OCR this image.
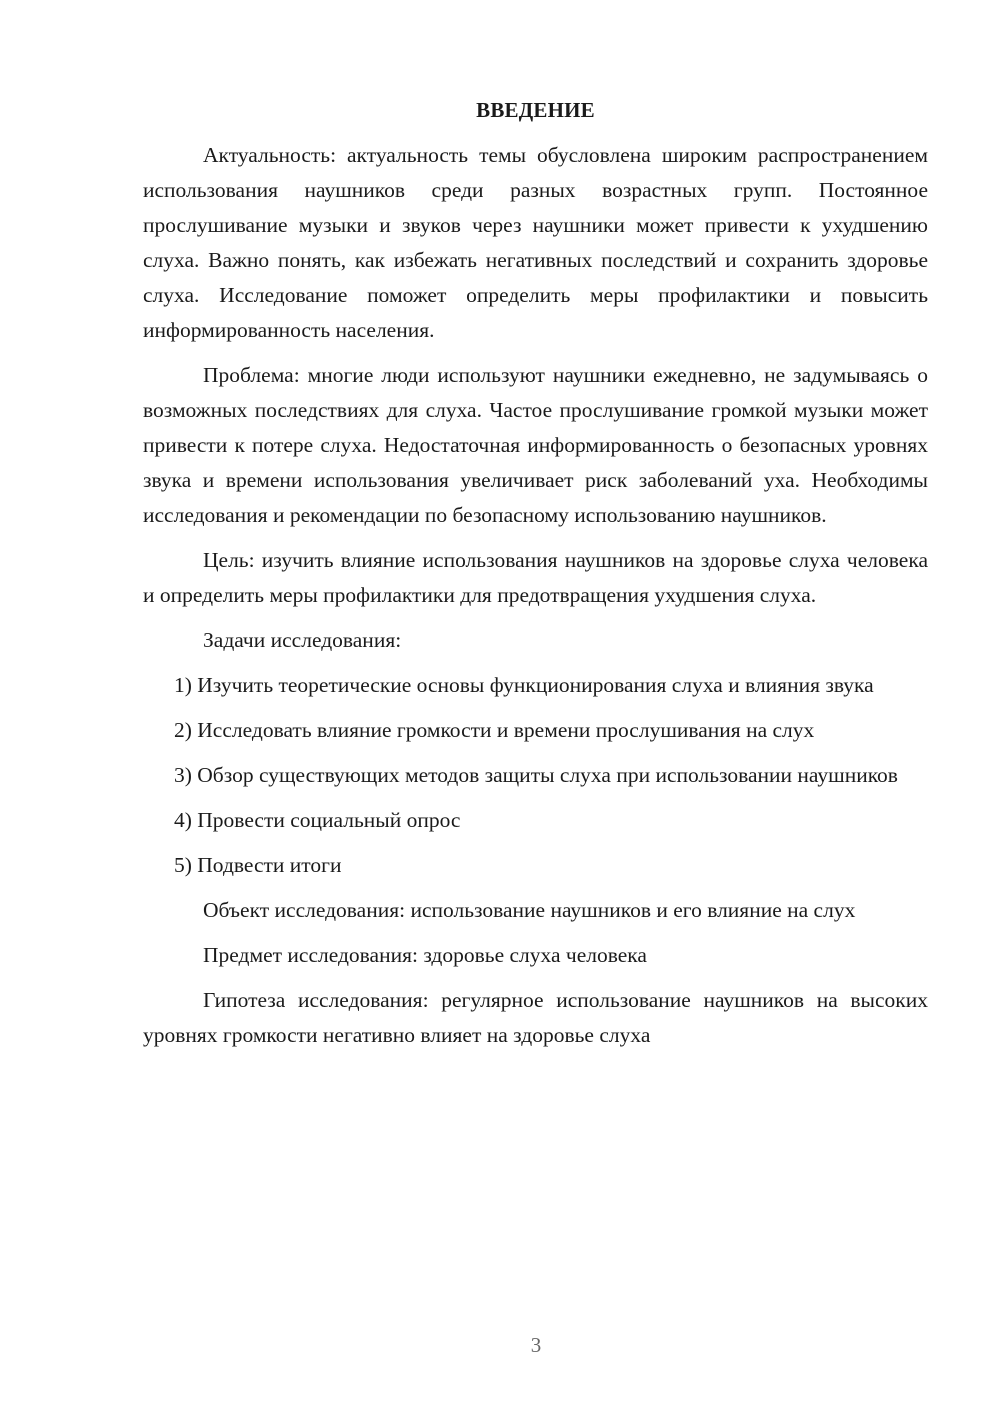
ВВЕДЕНИЕ

Актуальность: актуальность темы обусловлена широким распространением использования наушников среди разных возрастных групп. Постоянное прослушивание музыки и звуков через наушники может привести к ухудшению слуха. Важно понять, как избежать негативных последствий и сохранить здоровье слуха. Исследование поможет определить меры профилактики и повысить информированность населения.

Проблема: многие люди используют наушники ежедневно, не задумываясь о возможных последствиях для слуха. Частое прослушивание громкой музыки может привести к потере слуха. Недостаточная информированность о безопасных уровнях звука и времени использования увеличивает риск заболеваний уха. Необходимы исследования и рекомендации по безопасному использованию наушников.

Цель: изучить влияние использования наушников на здоровье слуха человека и определить меры профилактики для предотвращения ухудшения слуха.

Задачи исследования:

1) Изучить теоретические основы функционирования слуха и влияния звука

2) Исследовать влияние громкости и времени прослушивания на слух

3) Обзор существующих методов защиты слуха при использовании наушников

4) Провести социальный опрос

5) Подвести итоги

Объект исследования: использование наушников и его влияние на слух

Предмет исследования: здоровье слуха человека

Гипотеза исследования: регулярное использование наушников на высоких уровнях громкости негативно влияет на здоровье слуха

3
